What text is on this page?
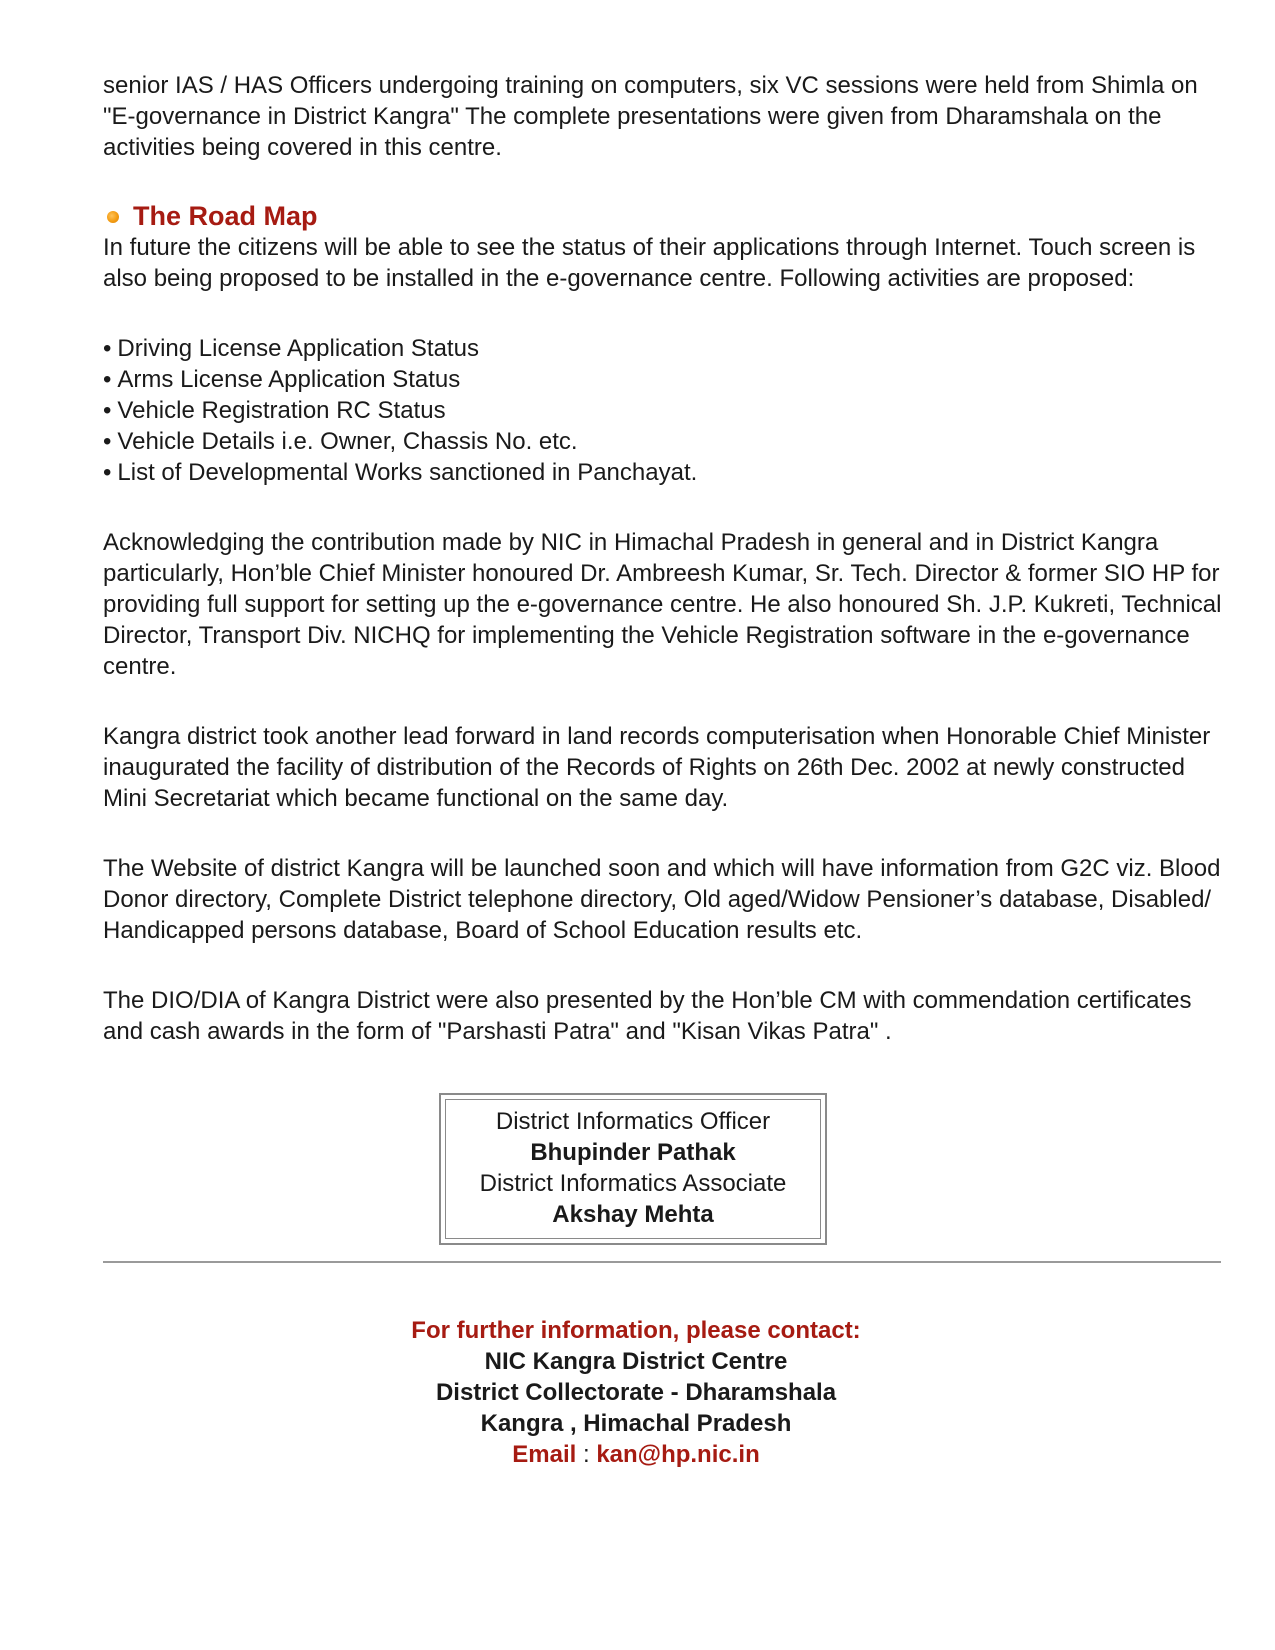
senior IAS / HAS Officers undergoing training on computers, six VC sessions were held from Shimla on "E-governance in District Kangra" The complete presentations were given from Dharamshala on the activities being covered in this centre.

The Road Map

In future the citizens will be able to see the status of their applications through Internet. Touch screen is also being proposed to be installed in the e-governance centre. Following activities are proposed:

• Driving License Application Status
• Arms License Application Status
• Vehicle Registration RC Status
• Vehicle Details i.e. Owner, Chassis No. etc.
• List of Developmental Works sanctioned in Panchayat.

Acknowledging the contribution made by NIC in Himachal Pradesh in general and in District Kangra particularly, Hon’ble Chief Minister honoured Dr. Ambreesh Kumar, Sr. Tech. Director & former SIO HP for providing full support for setting up the e-governance centre. He also honoured Sh. J.P. Kukreti, Technical Director, Transport Div. NICHQ for implementing the Vehicle Registration software in the e-governance centre.

Kangra district took another lead forward in land records computerisation when Honorable Chief Minister inaugurated the facility of distribution of the Records of Rights on 26th Dec. 2002 at newly constructed Mini Secretariat which became functional on the same day.

The Website of district Kangra will be launched soon and which will have information from G2C viz. Blood Donor directory, Complete District telephone directory, Old aged/Widow Pensioner’s database, Disabled/ Handicapped persons database, Board of School Education results etc.

The DIO/DIA of Kangra District were also presented by the Hon’ble CM with commendation certificates and cash awards in the form of "Parshasti Patra" and "Kisan Vikas Patra" .

District Informatics Officer
Bhupinder Pathak
District Informatics Associate
Akshay Mehta
For further information, please contact:
NIC Kangra District Centre
District Collectorate - Dharamshala
Kangra , Himachal Pradesh
Email : kan@hp.nic.in
